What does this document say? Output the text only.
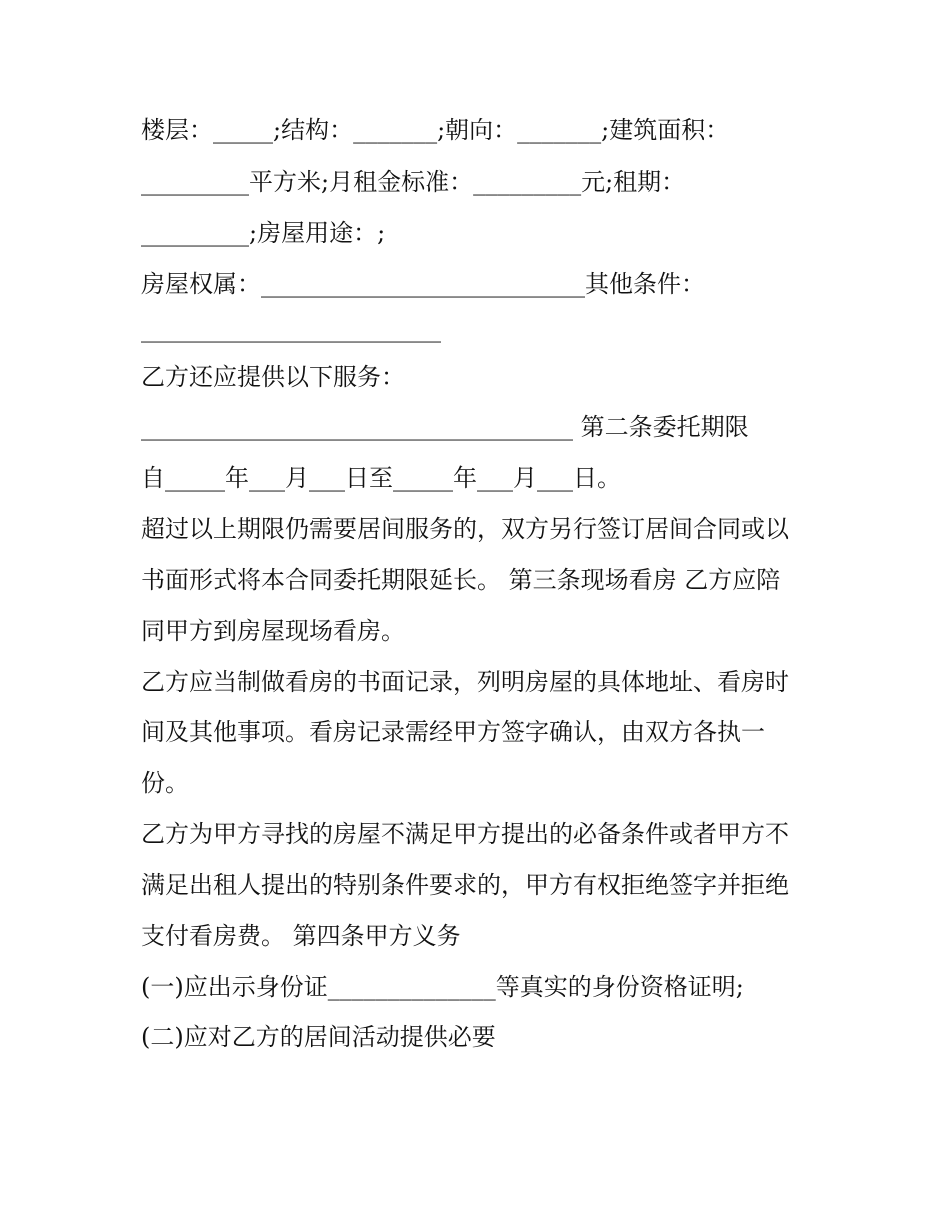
楼层：_____;结构：_______;朝向：_______;建筑面积：
_________平方米;月租金标准：_________元;租期：
_________;房屋用途：;
房屋权属：___________________________其他条件：
_________________________
乙方还应提供以下服务：
____________________________________ 第二条委托期限
自_____年___月___日至_____年___月___日。
超过以上期限仍需要居间服务的，双方另行签订居间合同或以
书面形式将本合同委托期限延长。 第三条现场看房 乙方应陪
同甲方到房屋现场看房。
乙方应当制做看房的书面记录，列明房屋的具体地址、看房时
间及其他事项。看房记录需经甲方签字确认，由双方各执一
份。
乙方为甲方寻找的房屋不满足甲方提出的必备条件或者甲方不
满足出租人提出的特别条件要求的，甲方有权拒绝签字并拒绝
支付看房费。 第四条甲方义务
(一)应出示身份证______________等真实的身份资格证明;
(二)应对乙方的居间活动提供必要
